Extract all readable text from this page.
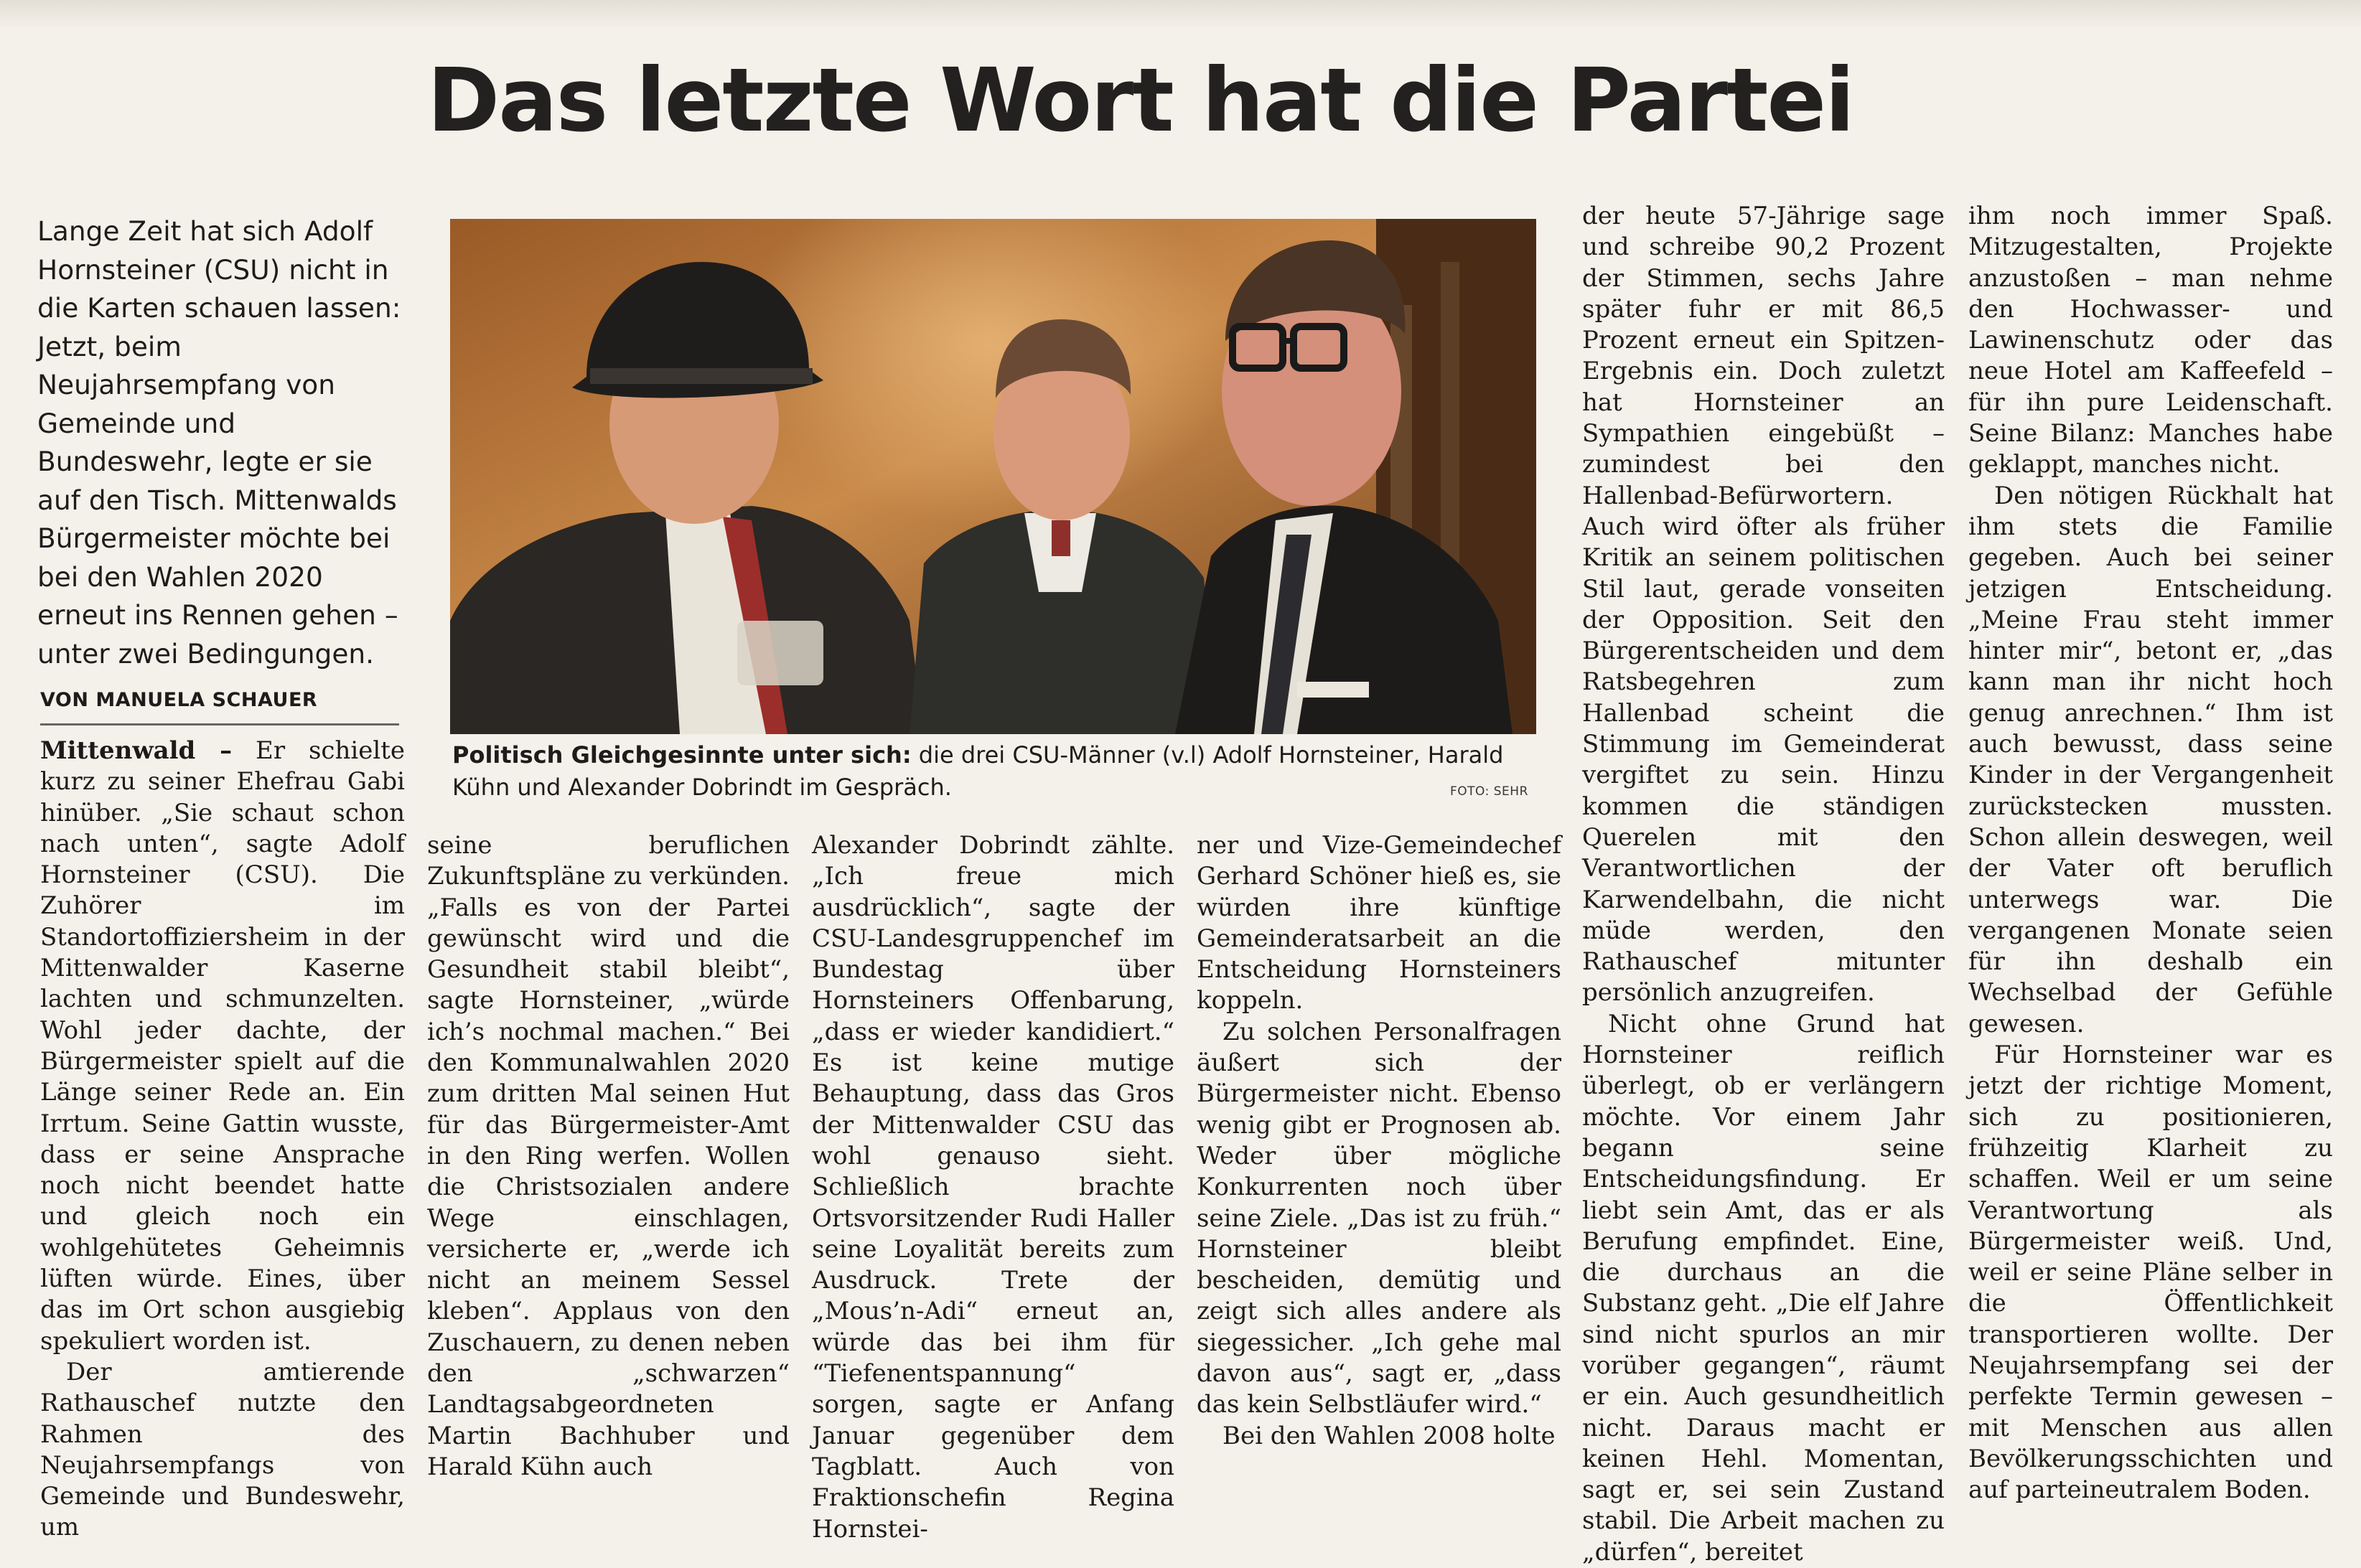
Das letzte Wort hat die Partei

Lange Zeit hat sich Adolf Hornsteiner (CSU) nicht in die Karten schauen lassen: Jetzt, beim Neujahrsempfang von Gemeinde und Bundeswehr, legte er sie auf den Tisch. Mittenwalds Bürgermeister möchte bei bei den Wahlen 2020 erneut ins Rennen gehen – unter zwei Bedingungen.

VON MANUELA SCHAUER
Politisch Gleichgesinnte unter sich: die drei CSU-Männer (v.l) Adolf Hornsteiner, Harald Kühn und Alexander Dobrindt im Gespräch.	FOTO: SEHR

Mittenwald – Er schielte kurz zu seiner Ehefrau Gabi hinüber. „Sie schaut schon nach unten“, sagte Adolf Hornsteiner (CSU). Die Zuhörer im Standortoffiziersheim in der Mittenwalder Kaserne lachten und schmunzelten. Wohl jeder dachte, der Bürgermeister spielt auf die Länge seiner Rede an. Ein Irrtum. Seine Gattin wusste, dass er seine Ansprache noch nicht beendet hatte und gleich noch ein wohlgehütetes Geheimnis lüften würde. Eines, über das im Ort schon ausgiebig spekuliert worden ist.

Der amtierende Rathauschef nutzte den Rahmen des Neujahrsempfangs von Gemeinde und Bundeswehr, um

seine beruflichen Zukunftspläne zu verkünden. „Falls es von der Partei gewünscht wird und die Gesundheit stabil bleibt“, sagte Hornsteiner, „würde ich’s nochmal machen.“ Bei den Kommunalwahlen 2020 zum dritten Mal seinen Hut für das Bürgermeister-Amt in den Ring werfen. Wollen die Christsozialen andere Wege einschlagen, versicherte er, „werde ich nicht an meinem Sessel kleben“. Applaus von den Zuschauern, zu denen neben den „schwarzen“ Landtagsabgeordneten Martin Bachhuber und Harald Kühn auch

Alexander Dobrindt zählte. „Ich freue mich ausdrücklich“, sagte der CSU-Landesgruppenchef im Bundestag über Hornsteiners Offenbarung, „dass er wieder kandidiert.“ Es ist keine mutige Behauptung, dass das Gros der Mittenwalder CSU das wohl genauso sieht. Schließlich brachte Ortsvorsitzender Rudi Haller seine Loyalität bereits zum Ausdruck. Trete der „Mous’n-Adi“ erneut an, würde das bei ihm für “Tiefenentspannung“ sorgen, sagte er Anfang Januar gegenüber dem Tagblatt. Auch von Fraktionschefin Regina Hornstei-

ner und Vize-Gemeindechef Gerhard Schöner hieß es, sie würden ihre künftige Gemeinderatsarbeit an die Entscheidung Hornsteiners koppeln.

Zu solchen Personalfragen äußert sich der Bürgermeister nicht. Ebenso wenig gibt er Prognosen ab. Weder über mögliche Konkurrenten noch über seine Ziele. „Das ist zu früh.“ Hornsteiner bleibt bescheiden, demütig und zeigt sich alles andere als siegessicher. „Ich gehe mal davon aus“, sagt er, „dass das kein Selbstläufer wird.“

Bei den Wahlen 2008 holte

der heute 57-Jährige sage und schreibe 90,2 Prozent der Stimmen, sechs Jahre später fuhr er mit 86,5 Prozent erneut ein Spitzen-Ergebnis ein. Doch zuletzt hat Hornsteiner an Sympathien eingebüßt – zumindest bei den Hallenbad-Befürwortern.

Auch wird öfter als früher Kritik an seinem politischen Stil laut, gerade vonseiten der Opposition. Seit den Bürgerentscheiden und dem Ratsbegehren zum Hallenbad scheint die Stimmung im Gemeinderat vergiftet zu sein. Hinzu kommen die ständigen Querelen mit den Verantwortlichen der Karwendelbahn, die nicht müde werden, den Rathauschef mitunter persönlich anzugreifen.

Nicht ohne Grund hat Hornsteiner reiflich überlegt, ob er verlängern möchte. Vor einem Jahr begann seine Entscheidungsfindung. Er liebt sein Amt, das er als Berufung empfindet. Eine, die durchaus an die Substanz geht. „Die elf Jahre sind nicht spurlos an mir vorüber gegangen“, räumt er ein. Auch gesundheitlich nicht. Daraus macht er keinen Hehl. Momentan, sagt er, sei sein Zustand stabil. Die Arbeit machen zu „dürfen“, bereitet

ihm noch immer Spaß. Mitzugestalten, Projekte anzustoßen – man nehme den Hochwasser- und Lawinenschutz oder das neue Hotel am Kaffeefeld – für ihn pure Leidenschaft. Seine Bilanz: Manches habe geklappt, manches nicht.

Den nötigen Rückhalt hat ihm stets die Familie gegeben. Auch bei seiner jetzigen Entscheidung. „Meine Frau steht immer hinter mir“, betont er, „das kann man ihr nicht hoch genug anrechnen.“ Ihm ist auch bewusst, dass seine Kinder in der Vergangenheit zurückstecken mussten. Schon allein deswegen, weil der Vater oft beruflich unterwegs war. Die vergangenen Monate seien für ihn deshalb ein Wechselbad der Gefühle gewesen.

Für Hornsteiner war es jetzt der richtige Moment, sich zu positionieren, frühzeitig Klarheit zu schaffen. Weil er um seine Verantwortung als Bürgermeister weiß. Und, weil er seine Pläne selber in die Öffentlichkeit transportieren wollte. Der Neujahrsempfang sei der perfekte Termin gewesen – mit Menschen aus allen Bevölkerungsschichten und auf parteineutralem Boden.
